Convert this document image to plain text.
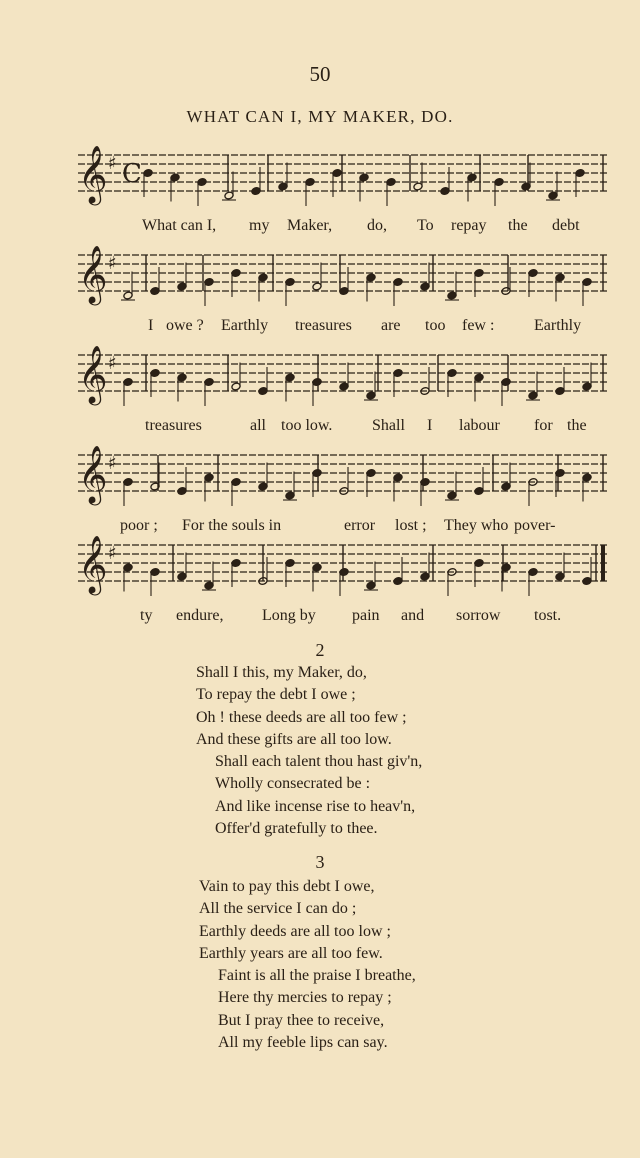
50
WHAT CAN I, MY MAKER, DO.
𝄞 ♯ C
What can I, my Maker, do, To repay the debt
𝄞 ♯
I owe ? Earthly treasures are too few : Earthly
𝄞 ♯
treasures	all too low. Shall I labour for the
𝄞 ♯
poor ; For the souls in	error lost ; They who pover-
𝄞 ♯
ty endure, Long by pain and sorrow tost.
2
Shall I this, my Maker, do,
To repay the debt I owe ;
Oh ! these deeds are all too few ;
And these gifts are all too low.
Shall each talent thou hast giv'n,
Wholly consecrated be :
And like incense rise to heav'n,
Offer'd gratefully to thee.
3
Vain to pay this debt I owe,
All the service I can do ;
Earthly deeds are all too low ;
Earthly years are all too few.
Faint is all the praise I breathe,
Here thy mercies to repay ;
But I pray thee to receive,
All my feeble lips can say.
